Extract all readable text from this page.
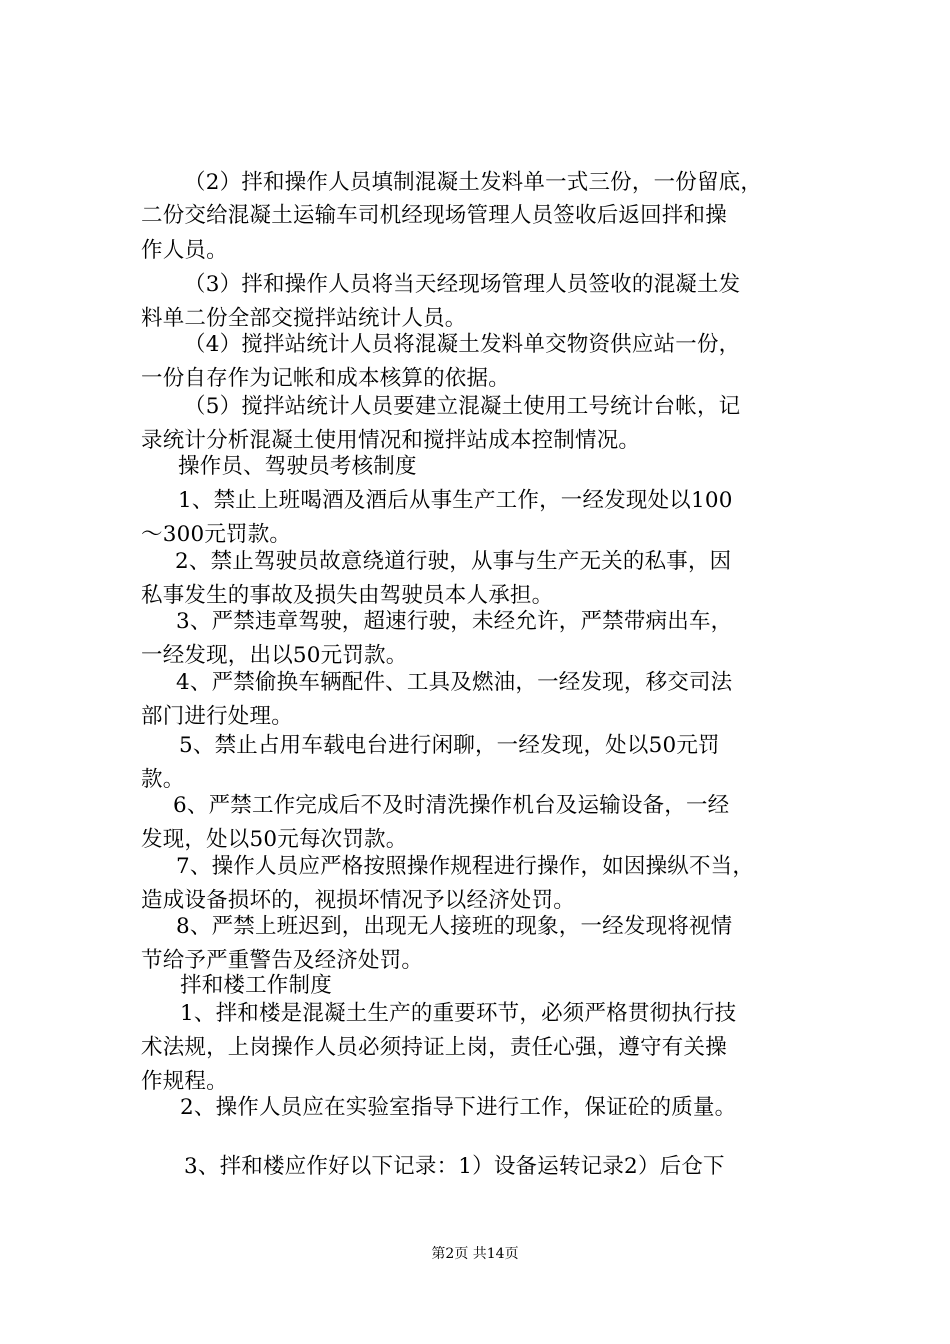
（2）拌和操作人员填制混凝土发料单一式三份，一份留底，
二份交给混凝土运输车司机经现场管理人员签收后返回拌和操
作人员。
（3）拌和操作人员将当天经现场管理人员签收的混凝土发
料单二份全部交搅拌站统计人员。
（4）搅拌站统计人员将混凝土发料单交物资供应站一份，
一份自存作为记帐和成本核算的依据。
（5）搅拌站统计人员要建立混凝土使用工号统计台帐，记
录统计分析混凝土使用情况和搅拌站成本控制情况。
操作员、驾驶员考核制度
1、禁止上班喝酒及酒后从事生产工作，一经发现处以100
～300元罚款。
2、禁止驾驶员故意绕道行驶，从事与生产无关的私事，因
私事发生的事故及损失由驾驶员本人承担。
3、严禁违章驾驶，超速行驶，未经允许，严禁带病出车，
一经发现，出以50元罚款。
4、严禁偷换车辆配件、工具及燃油，一经发现，移交司法
部门进行处理。
5、禁止占用车载电台进行闲聊，一经发现，处以50元罚
款。
6、严禁工作完成后不及时清洗操作机台及运输设备，一经
发现，处以50元每次罚款。
7、操作人员应严格按照操作规程进行操作，如因操纵不当，
造成设备损坏的，视损坏情况予以经济处罚。
8、严禁上班迟到，出现无人接班的现象，一经发现将视情
节给予严重警告及经济处罚。
拌和楼工作制度
1、拌和楼是混凝土生产的重要环节，必须严格贯彻执行技
术法规，上岗操作人员必须持证上岗，责任心强，遵守有关操
作规程。
2、操作人员应在实验室指导下进行工作，保证砼的质量。
3、拌和楼应作好以下记录：1）设备运转记录2）后仓下
第2页 共14页
